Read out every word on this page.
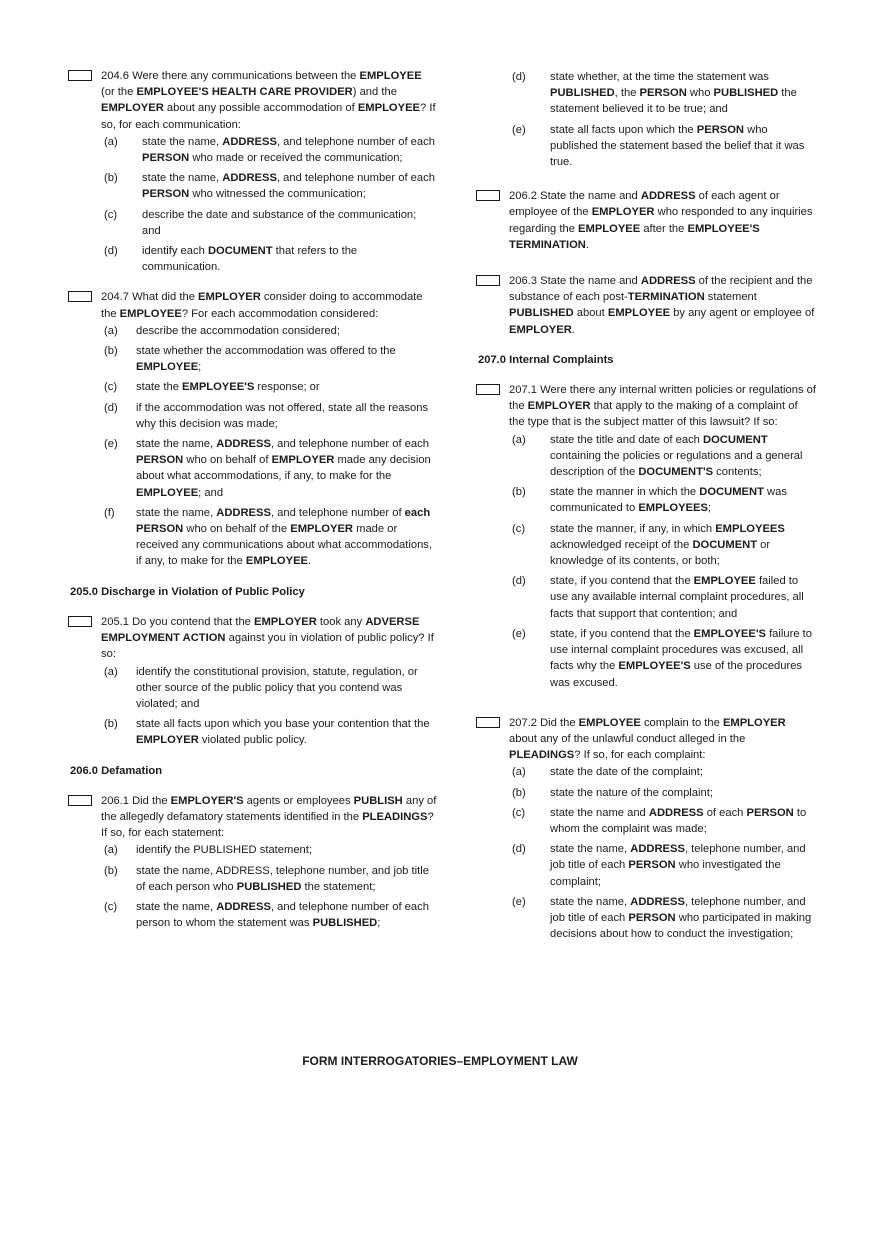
204.6 Were there any communications between the EMPLOYEE (or the EMPLOYEE'S HEALTH CARE PROVIDER) and the EMPLOYER about any possible accommodation of EMPLOYEE? If so, for each communication:
(a)	state the name, ADDRESS, and telephone number of each PERSON who made or received the communication;
(b)	state the name, ADDRESS, and telephone number of each PERSON who witnessed the communication;
(c)	describe the date and substance of the communication; and
(d)	identify each DOCUMENT that refers to the communication.
204.7 What did the EMPLOYER consider doing to accommodate the EMPLOYEE? For each accommodation considered:
(a)	describe the accommodation considered;
(b)	state whether the accommodation was offered to the EMPLOYEE;
(c)	state the EMPLOYEE'S response; or
(d)	if the accommodation was not offered, state all the reasons why this decision was made;
(e)	state the name, ADDRESS, and telephone number of each PERSON who on behalf of EMPLOYER made any decision about what accommodations, if any, to make for the EMPLOYEE; and
(f)	state the name, ADDRESS, and telephone number of each PERSON who on behalf of the EMPLOYER made or received any communications about what accommodations, if any, to make for the EMPLOYEE.
205.0 Discharge in Violation of Public Policy
205.1 Do you contend that the EMPLOYER took any ADVERSE EMPLOYMENT ACTION against you in violation of public policy? If so:
(a)	identify the constitutional provision, statute, regulation, or other source of the public policy that you contend was violated; and
(b)	state all facts upon which you base your contention that the EMPLOYER violated public policy.
206.0 Defamation
206.1 Did the EMPLOYER'S agents or employees PUBLISH any of the allegedly defamatory statements identified in the PLEADINGS? If so, for each statement:
(a)	identify the PUBLISHED statement;
(b)	state the name, ADDRESS, telephone number, and job title of each person who PUBLISHED the statement;
(c)	state the name, ADDRESS, and telephone number of each person to whom the statement was PUBLISHED;
(d)	state whether, at the time the statement was PUBLISHED, the PERSON who PUBLISHED the statement believed it to be true; and
(e)	state all facts upon which the PERSON who published the statement based the belief that it was true.
206.2 State the name and ADDRESS of each agent or employee of the EMPLOYER who responded to any inquiries regarding the EMPLOYEE after the EMPLOYEE'S TERMINATION.
206.3 State the name and ADDRESS of the recipient and the substance of each post-TERMINATION statement PUBLISHED about EMPLOYEE by any agent or employee of EMPLOYER.
207.0 Internal Complaints
207.1 Were there any internal written policies or regulations of the EMPLOYER that apply to the making of a complaint of the type that is the subject matter of this lawsuit? If so:
(a)	state the title and date of each DOCUMENT containing the policies or regulations and a general description of the DOCUMENT'S contents;
(b)	state the manner in which the DOCUMENT was communicated to EMPLOYEES;
(c)	state the manner, if any, in which EMPLOYEES acknowledged receipt of the DOCUMENT or knowledge of its contents, or both;
(d)	state, if you contend that the EMPLOYEE failed to use any available internal complaint procedures, all facts that support that contention; and
(e)	state, if you contend that the EMPLOYEE'S failure to use internal complaint procedures was excused, all facts why the EMPLOYEE'S use of the procedures was excused.
207.2 Did the EMPLOYEE complain to the EMPLOYER about any of the unlawful conduct alleged in the PLEADINGS? If so, for each complaint:
(a)	state the date of the complaint;
(b)	state the nature of the complaint;
(c)	state the name and ADDRESS of each PERSON to whom the complaint was made;
(d)	state the name, ADDRESS, telephone number, and job title of each PERSON who investigated the complaint;
(e)	state the name, ADDRESS, telephone number, and job title of each PERSON who participated in making decisions about how to conduct the investigation;
FORM INTERROGATORIES–EMPLOYMENT LAW
